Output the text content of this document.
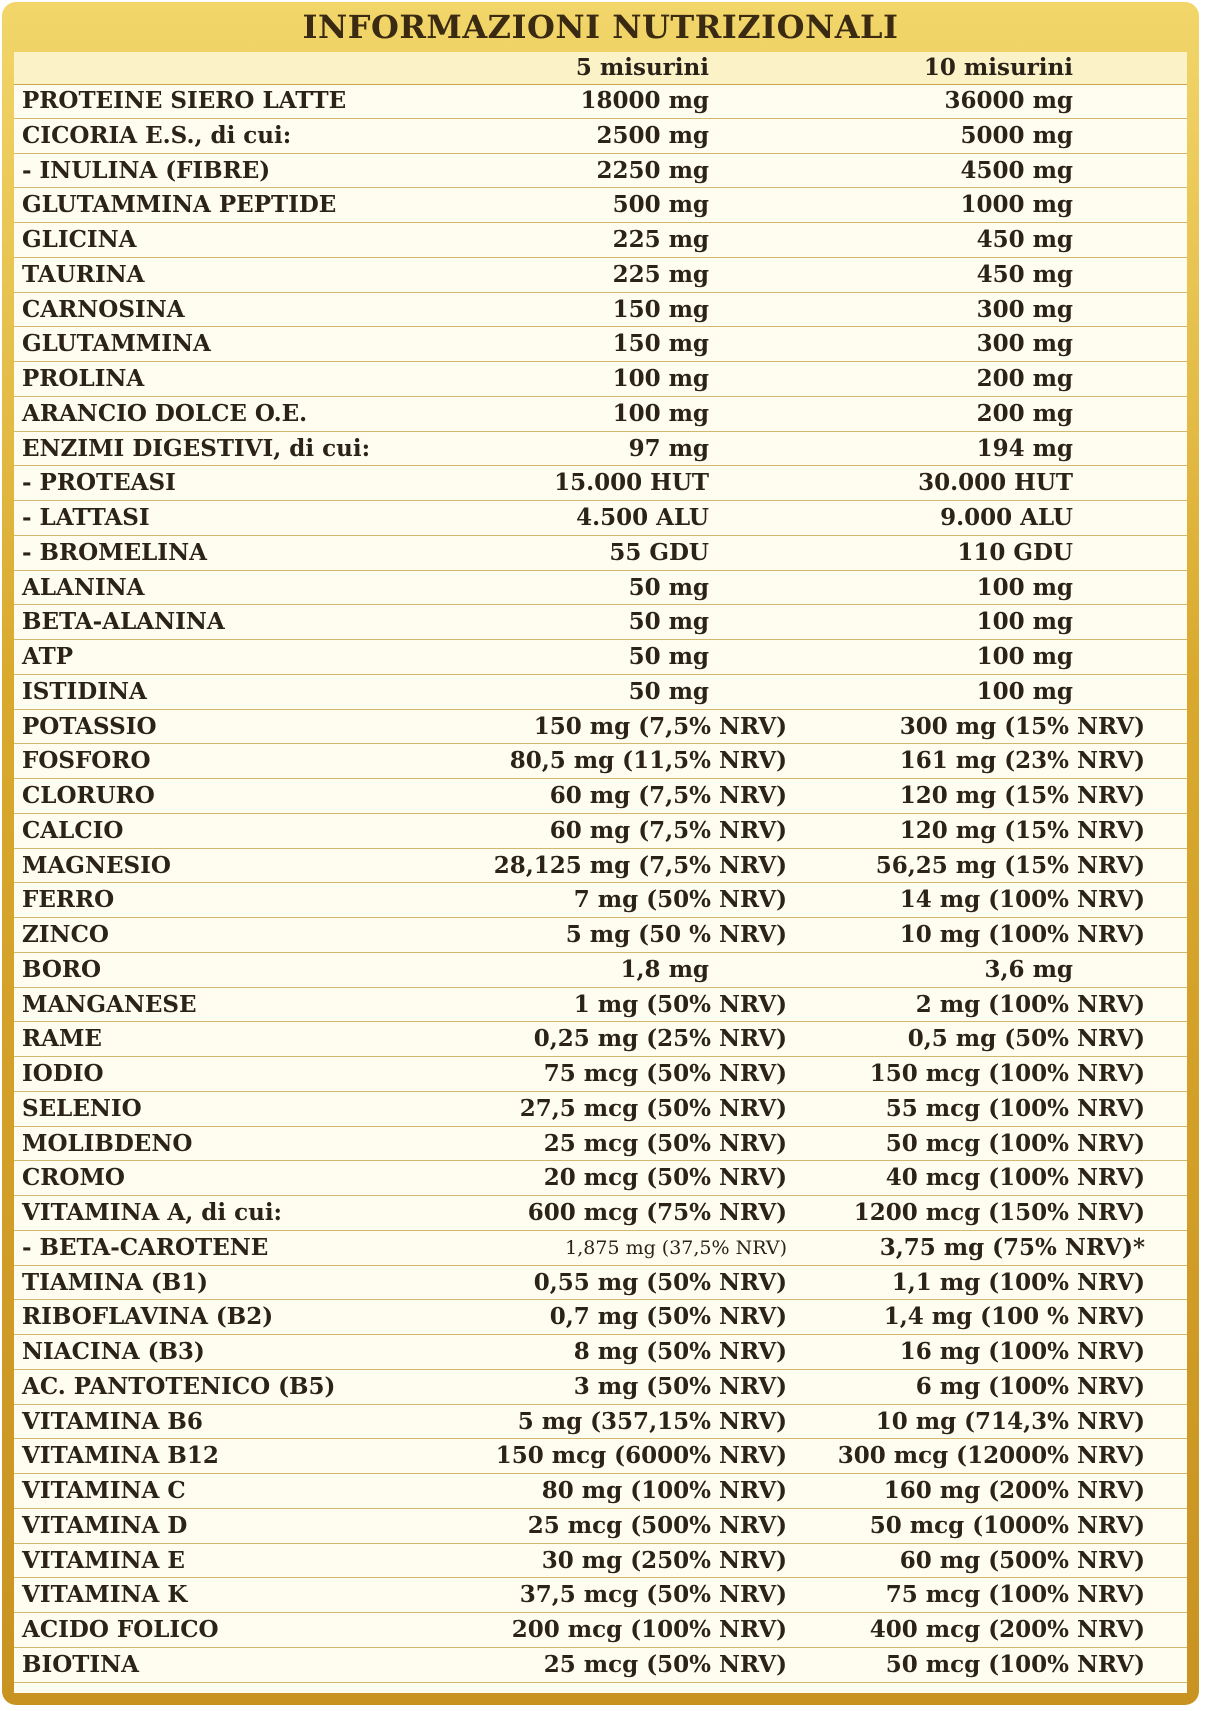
INFORMAZIONI NUTRIZIONALI
5 misurini	10 misurini
PROTEINE SIERO LATTE	18000 mg	36000 mg
CICORIA E.S., di cui:	2500 mg	5000 mg
- INULINA (FIBRE)	2250 mg	4500 mg
GLUTAMMINA PEPTIDE	500 mg	1000 mg
GLICINA	225 mg	450 mg
TAURINA	225 mg	450 mg
CARNOSINA	150 mg	300 mg
GLUTAMMINA	150 mg	300 mg
PROLINA	100 mg	200 mg
ARANCIO DOLCE O.E.	100 mg	200 mg
ENZIMI DIGESTIVI, di cui:	97 mg	194 mg
- PROTEASI	15.000 HUT	30.000 HUT
- LATTASI	4.500 ALU	9.000 ALU
- BROMELINA	55 GDU	110 GDU
ALANINA	50 mg	100 mg
BETA-ALANINA	50 mg	100 mg
ATP	50 mg	100 mg
ISTIDINA	50 mg	100 mg
POTASSIO	150 mg (7,5% NRV)	300 mg (15% NRV)
FOSFORO	80,5 mg (11,5% NRV)	161 mg (23% NRV)
CLORURO	60 mg (7,5% NRV)	120 mg (15% NRV)
CALCIO	60 mg (7,5% NRV)	120 mg (15% NRV)
MAGNESIO	28,125 mg (7,5% NRV)	56,25 mg (15% NRV)
FERRO	7 mg (50% NRV)	14 mg (100% NRV)
ZINCO	5 mg (50 % NRV)	10 mg (100% NRV)
BORO	1,8 mg	3,6 mg
MANGANESE	1 mg (50% NRV)	2 mg (100% NRV)
RAME	0,25 mg (25% NRV)	0,5 mg (50% NRV)
IODIO	75 mcg (50% NRV)	150 mcg (100% NRV)
SELENIO	27,5 mcg (50% NRV)	55 mcg (100% NRV)
MOLIBDENO	25 mcg (50% NRV)	50 mcg (100% NRV)
CROMO	20 mcg (50% NRV)	40 mcg (100% NRV)
VITAMINA A, di cui:	600 mcg (75% NRV)	1200 mcg (150% NRV)
- BETA-CAROTENE	1,875 mg (37,5% NRV)	3,75 mg (75% NRV)*
TIAMINA (B1)	0,55 mg (50% NRV)	1,1 mg (100% NRV)
RIBOFLAVINA (B2)	0,7 mg (50% NRV)	1,4 mg (100 % NRV)
NIACINA (B3)	8 mg (50% NRV)	16 mg (100% NRV)
AC. PANTOTENICO (B5)	3 mg (50% NRV)	6 mg (100% NRV)
VITAMINA B6	5 mg (357,15% NRV)	10 mg (714,3% NRV)
VITAMINA B12	150 mcg (6000% NRV) 300 mcg (12000% NRV)
VITAMINA C	80 mg (100% NRV)	160 mg (200% NRV)
VITAMINA D	25 mcg (500% NRV)	50 mcg (1000% NRV)
VITAMINA E	30 mg (250% NRV)	60 mg (500% NRV)
VITAMINA K	37,5 mcg (50% NRV)	75 mcg (100% NRV)
ACIDO FOLICO	200 mcg (100% NRV)	400 mcg (200% NRV)
BIOTINA	25 mcg (50% NRV)	50 mcg (100% NRV)
